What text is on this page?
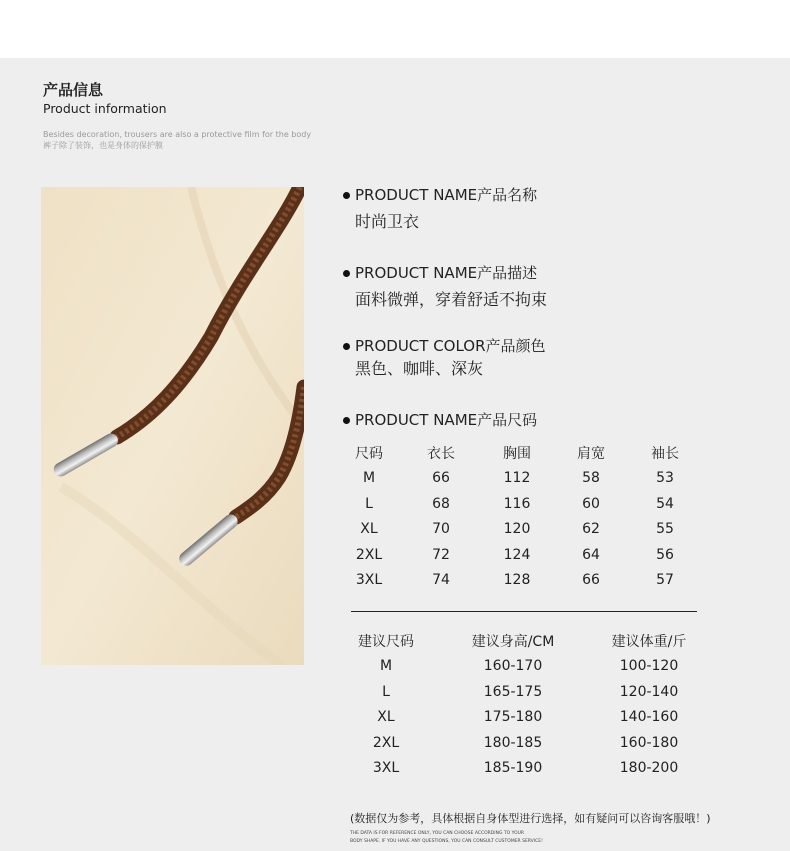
产品信息
Product information
Besides decoration, trousers are also a protective film for the body
裤子除了装饰，也是身体的保护膜
PRODUCT NAME产品名称
时尚卫衣
PRODUCT NAME产品描述
面料微弹，穿着舒适不拘束
PRODUCT COLOR产品颜色
黑色、咖啡、深灰
PRODUCT NAME产品尺码
尺码	衣长	胸围	肩宽	袖长
M	66	112	58	53
L	68	116	60	54
XL	70	120	62	55
2XL	72	124	64	56
3XL	74	128	66	57
建议尺码	建议身高/CM	建议体重/斤
M	160-170	100-120
L	165-175	120-140
XL	175-180	140-160
2XL	180-185	160-180
3XL	185-190	180-200
(数据仅为参考，具体根据自身体型进行选择，如有疑问可以咨询客服哦！)
THE DATA IS FOR REFERENCE ONLY, YOU CAN CHOOSE ACCORDING TO YOUR
BODY SHAPE. IF YOU HAVE ANY QUESTIONS, YOU CAN CONSULT CUSTOMER SERVICE!
